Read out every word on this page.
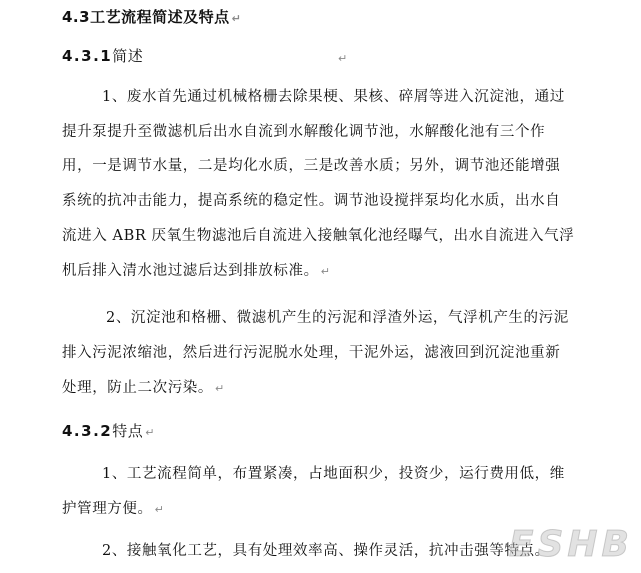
4.3工艺流程简述及特点 ↵
4.3.1简述	↵
1、废水首先通过机械格栅去除果梗、果核、碎屑等进入沉淀池，通过
提升泵提升至微滤机后出水自流到水解酸化调节池，水解酸化池有三个作
用，一是调节水量，二是均化水质，三是改善水质；另外，调节池还能增强
系统的抗冲击能力，提高系统的稳定性。调节池设搅拌泵均化水质，出水自
流进入 ABR 厌氧生物滤池后自流进入接触氧化池经曝气，出水自流进入气浮
机后排入清水池过滤后达到排放标准。 ↵
2、沉淀池和格栅、微滤机产生的污泥和浮渣外运，气浮机产生的污泥
排入污泥浓缩池，然后进行污泥脱水处理，干泥外运，滤液回到沉淀池重新
处理，防止二次污染。 ↵
4.3.2特点 ↵
1、工艺流程简单，布置紧凑，占地面积少，投资少，运行费用低，维
护管理方便。 ↵
2、接触氧化工艺，具有处理效率高、操作灵活，抗冲击强等特点。
ESHB
